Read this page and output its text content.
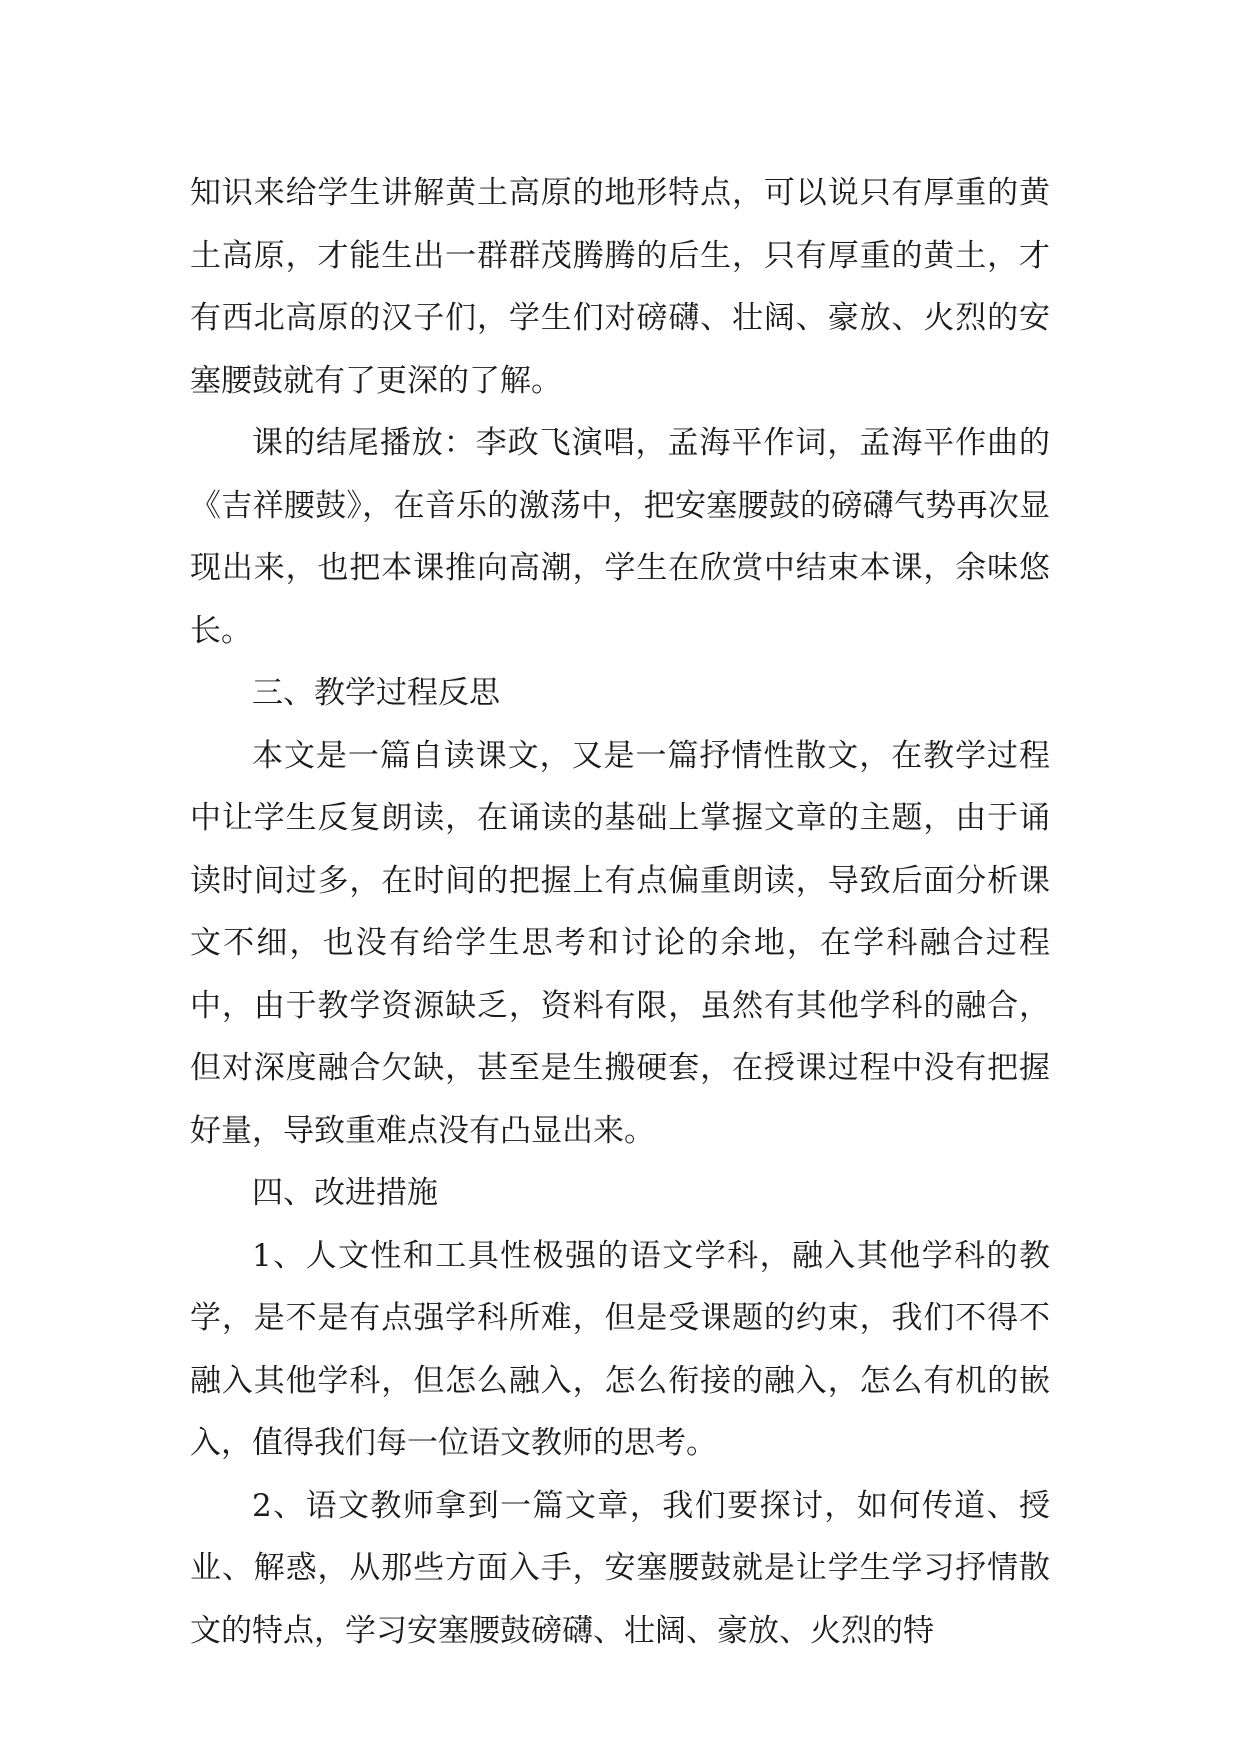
知识来给学生讲解黄土高原的地形特点，可以说只有厚重的黄土高原，才能生出一群群茂腾腾的后生，只有厚重的黄土，才有西北高原的汉子们，学生们对磅礴、壮阔、豪放、火烈的安塞腰鼓就有了更深的了解。

课的结尾播放：李政飞演唱，孟海平作词，孟海平作曲的《吉祥腰鼓》，在音乐的激荡中，把安塞腰鼓的磅礴气势再次显现出来，也把本课推向高潮，学生在欣赏中结束本课，余味悠长。

三、教学过程反思

本文是一篇自读课文，又是一篇抒情性散文，在教学过程中让学生反复朗读，在诵读的基础上掌握文章的主题，由于诵读时间过多，在时间的把握上有点偏重朗读，导致后面分析课文不细，也没有给学生思考和讨论的余地，在学科融合过程中，由于教学资源缺乏，资料有限，虽然有其他学科的融合，但对深度融合欠缺，甚至是生搬硬套，在授课过程中没有把握好量，导致重难点没有凸显出来。

四、改进措施

1、人文性和工具性极强的语文学科，融入其他学科的教学，是不是有点强学科所难，但是受课题的约束，我们不得不融入其他学科，但怎么融入，怎么衔接的融入，怎么有机的嵌入，值得我们每一位语文教师的思考。

2、语文教师拿到一篇文章，我们要探讨，如何传道、授业、解惑，从那些方面入手，安塞腰鼓就是让学生学习抒情散文的特点，学习安塞腰鼓磅礴、壮阔、豪放、火烈的特
